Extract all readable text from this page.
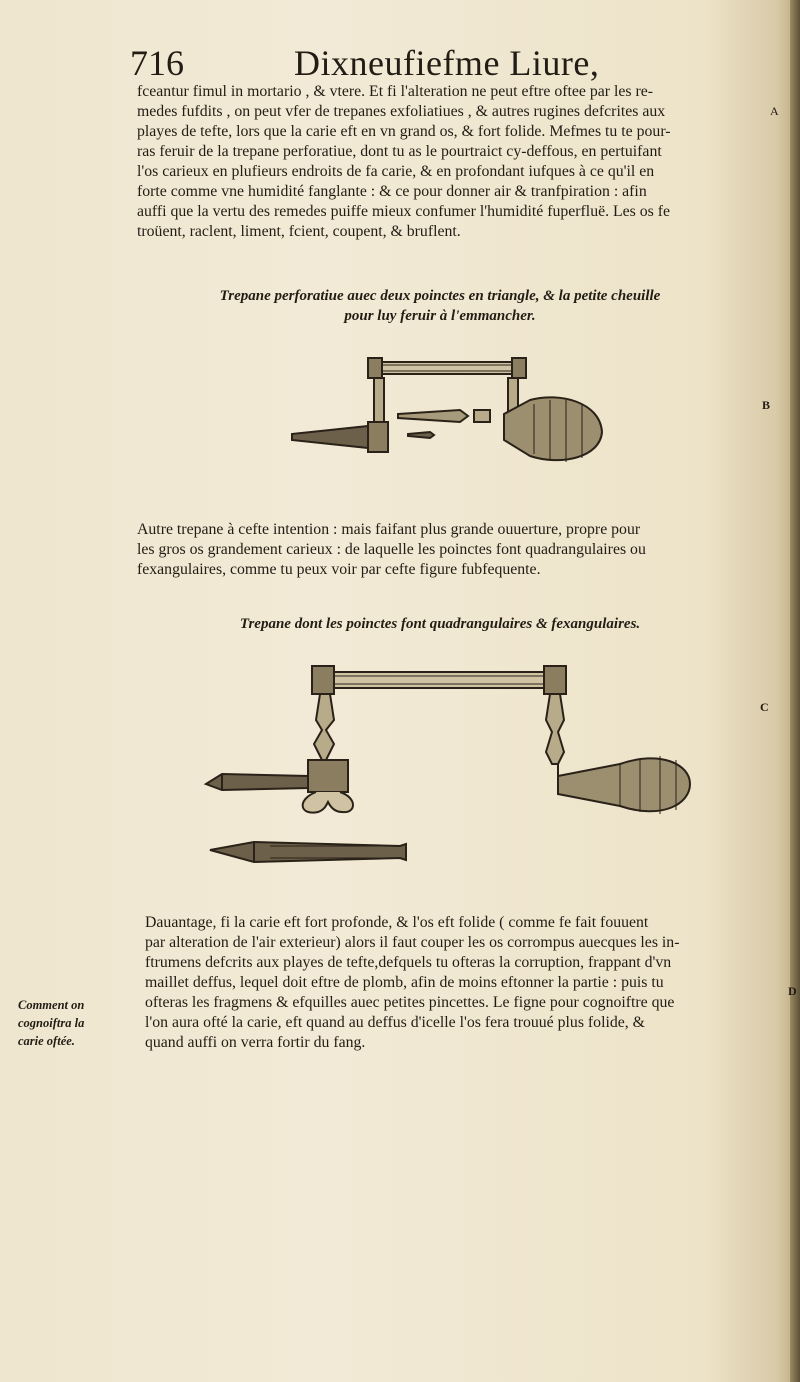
716	Dixneufiefme Liure,
fceantur fimul in mortario , & vtere. Et fi l'alteration ne peut eftre oftee par les re-
medes fufdits , on peut vfer de trepanes exfoliatiues , & autres rugines defcrites aux
playes de tefte, lors que la carie eft en vn grand os, & fort folide. Mefmes tu te pour-
ras feruir de la trepane perforatiue, dont tu as le pourtraict cy-deffous, en pertuifant
l'os carieux en plufieurs endroits de fa carie, & en profondant iufques à ce qu'il en
forte comme vne humidité fanglante : & ce pour donner air & tranfpiration : afin
auffi que la vertu des remedes puiffe mieux confumer l'humidité fuperfluë. Les os fe
troüent, raclent, liment, fcient, coupent, & bruflent.
A
Trepane perforatiue auec deux poinctes en triangle, & la petite cheuille
pour luy feruir à l'emmancher.
B
Autre trepane à cefte intention : mais faifant plus grande ouuerture, propre pour
les gros os grandement carieux : de laquelle les poinctes font quadrangulaires ou
fexangulaires, comme tu peux voir par cefte figure fubfequente.
Trepane dont les poinctes font quadrangulaires & fexangulaires.
C
Dauantage, fi la carie eft fort profonde, & l'os eft folide ( comme fe fait fouuent
par alteration de l'air exterieur) alors il faut couper les os corrompus auecques les in-
ftrumens defcrits aux playes de tefte,defquels tu ofteras la corruption, frappant d'vn
maillet deffus, lequel doit eftre de plomb, afin de moins eftonner la partie : puis tu
ofteras les fragmens & efquilles auec petites pincettes. Le figne pour cognoiftre que
l'on aura ofté la carie, eft quand au deffus d'icelle l'os fera trouué plus folide, &
quand auffi on verra fortir du fang.
Comment on
cognoiftra la
carie oftée.
D
